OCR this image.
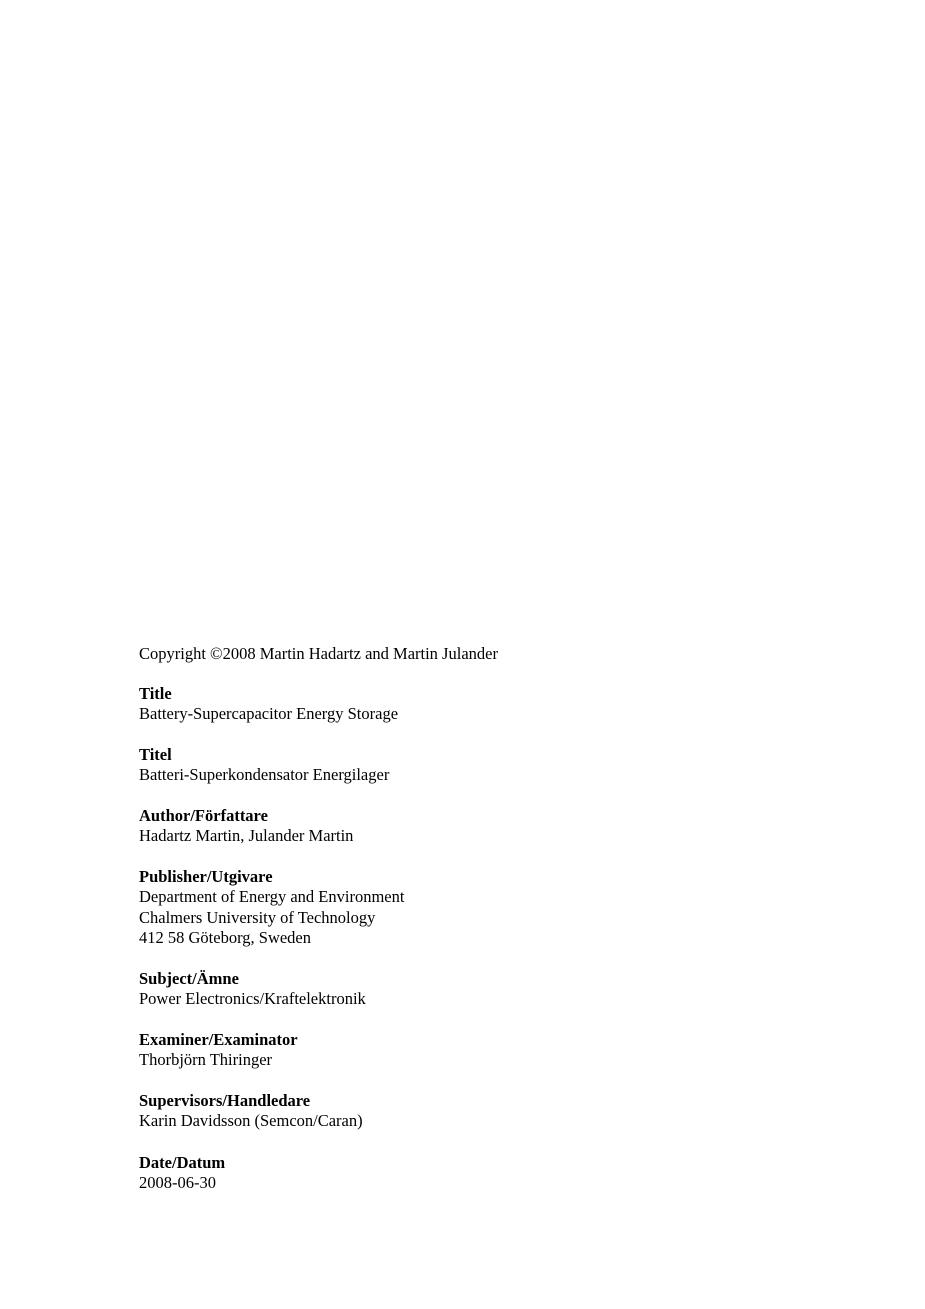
Copyright ©2008 Martin Hadartz and Martin Julander

Title

Battery-Supercapacitor Energy Storage

Titel

Batteri-Superkondensator Energilager

Author/Författare

Hadartz Martin, Julander Martin

Publisher/Utgivare

Department of Energy and Environment

Chalmers University of Technology

412 58 Göteborg, Sweden

Subject/Ämne

Power Electronics/Kraftelektronik

Examiner/Examinator

Thorbjörn Thiringer

Supervisors/Handledare

Karin Davidsson (Semcon/Caran)

Date/Datum

2008-06-30
